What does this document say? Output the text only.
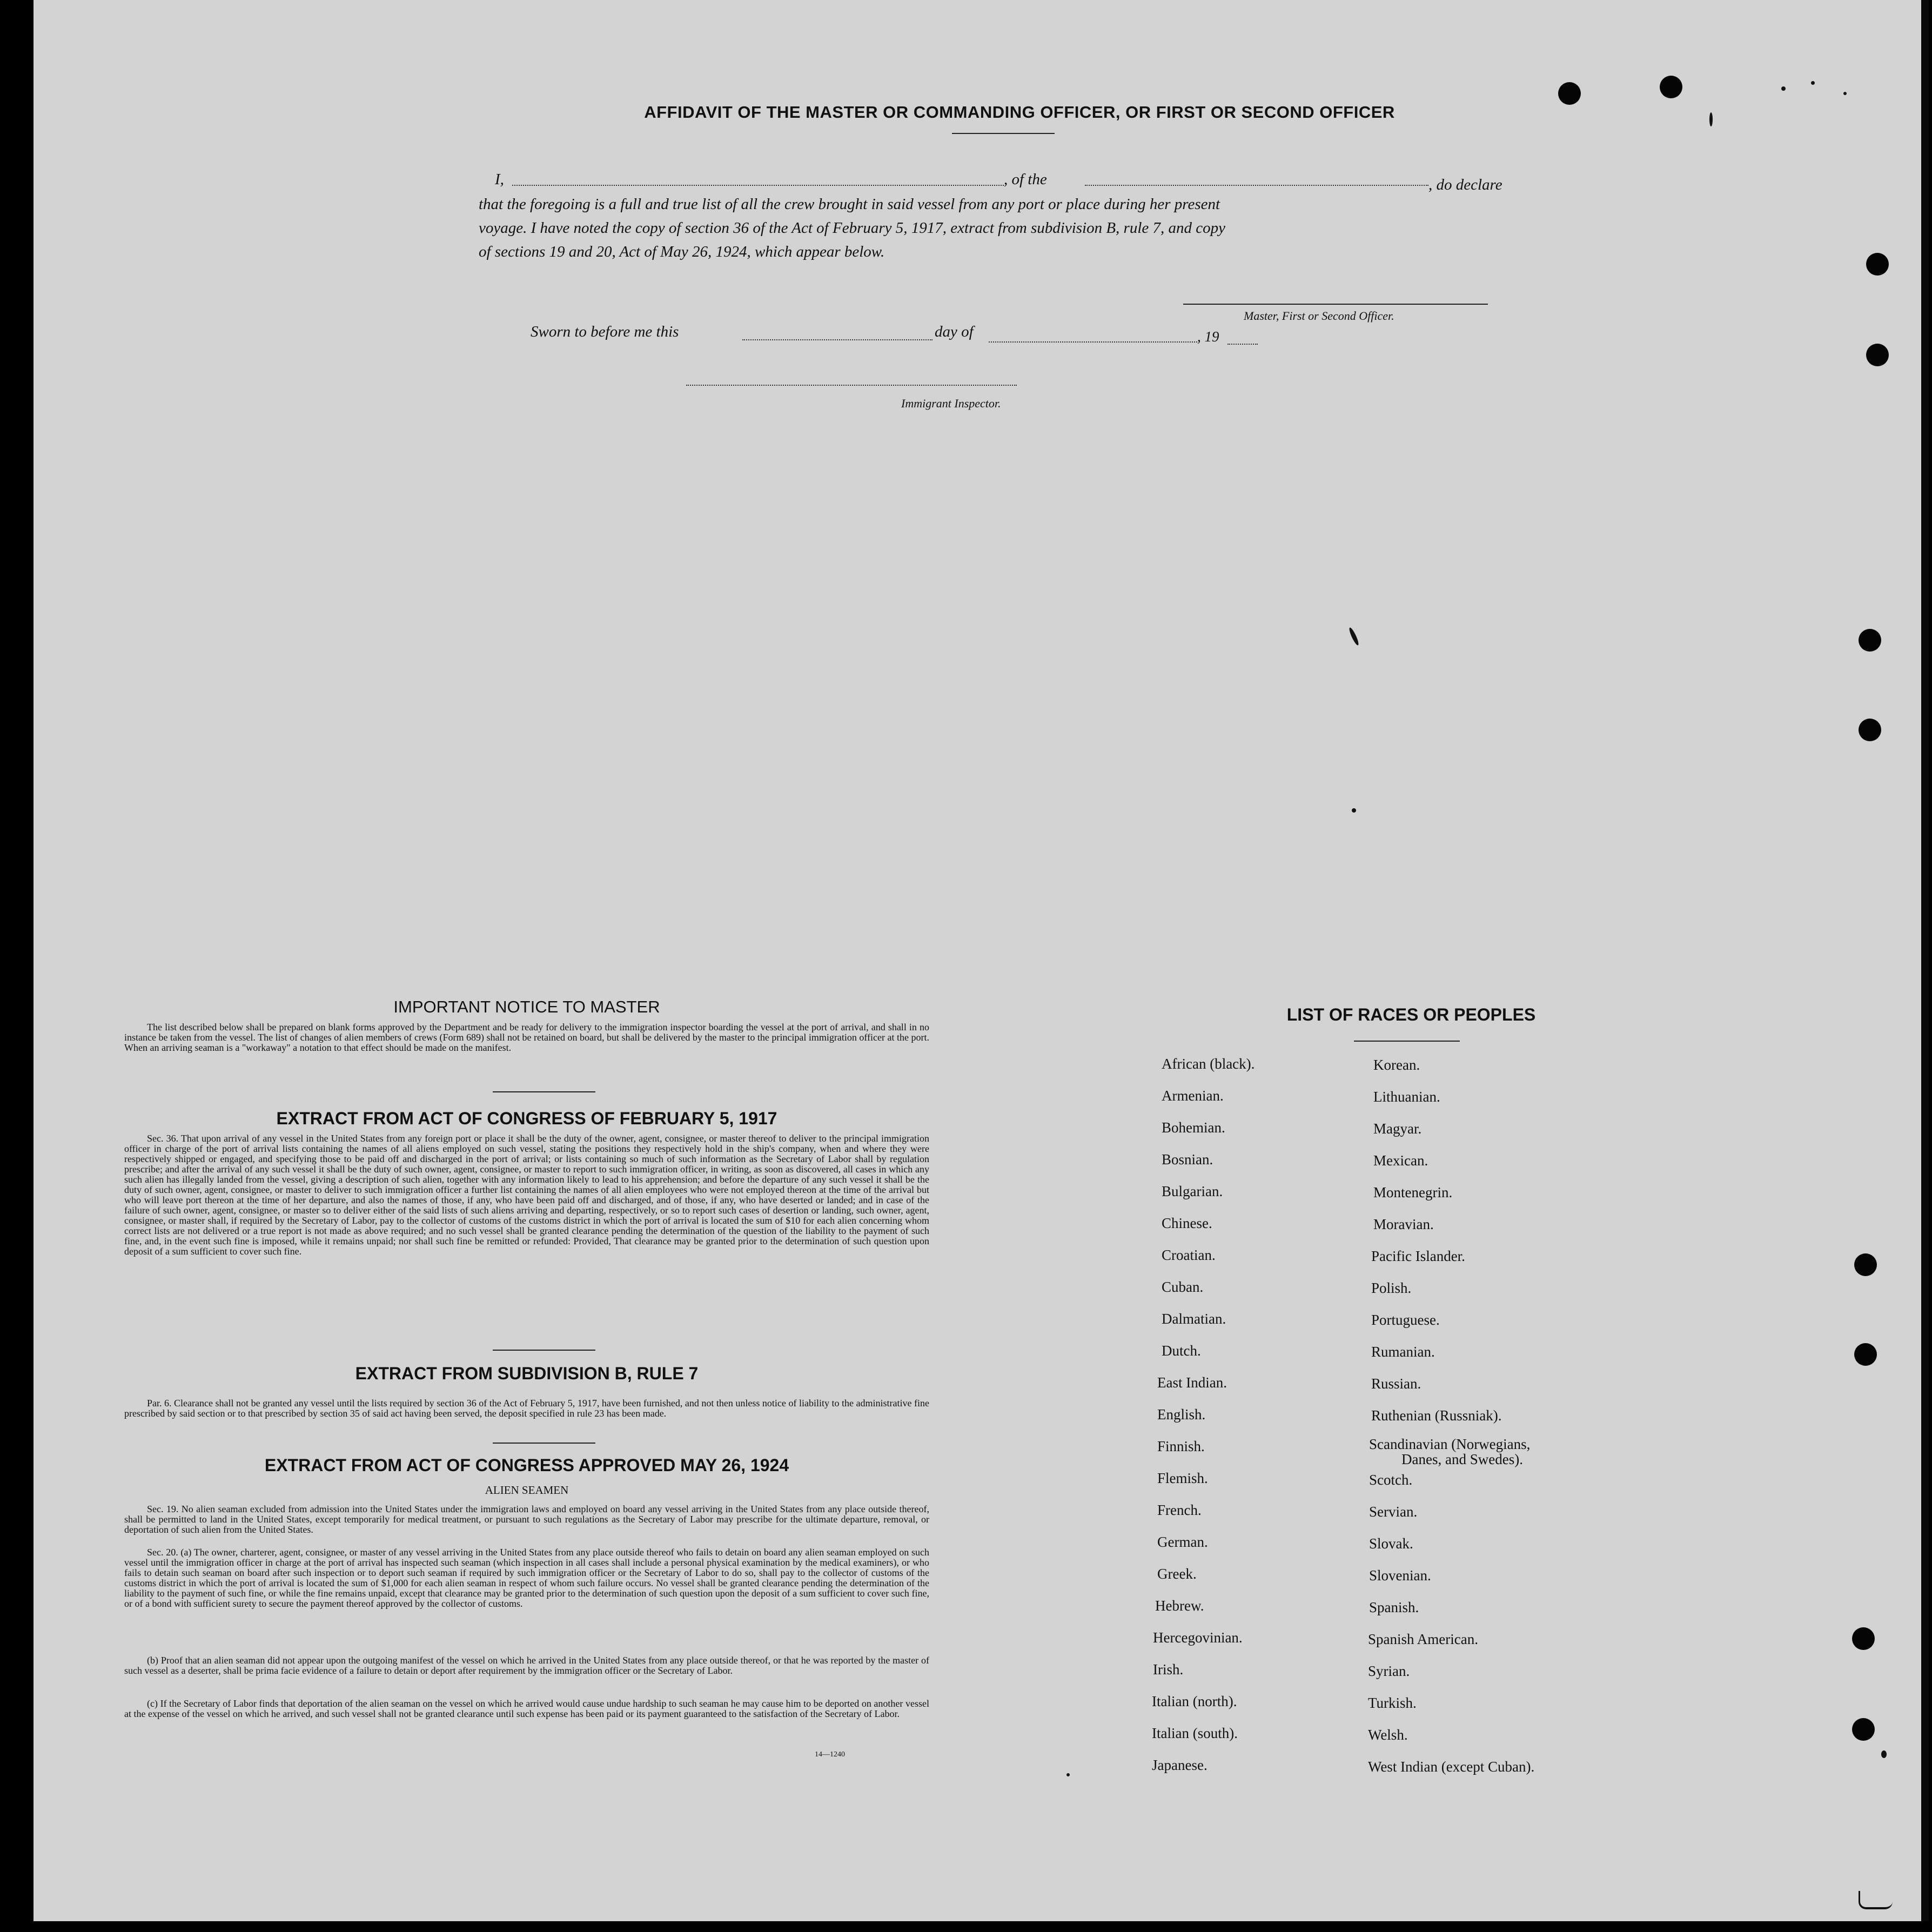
AFFIDAVIT OF THE MASTER OR COMMANDING OFFICER, OR FIRST OR SECOND OFFICER
I,	, of the	, do declare
that the foregoing is a full and true list of all the crew brought in said vessel from any port or place during her present
voyage. I have noted the copy of section 36 of the Act of February 5, 1917, extract from subdivision B, rule 7, and copy
of sections 19 and 20, Act of May 26, 1924, which appear below.
Master, First or Second Officer.
Sworn to before me this	day of	, 19
Immigrant Inspector.
IMPORTANT NOTICE TO MASTER
The list described below shall be prepared on blank forms approved by the Department and be ready for delivery to the immigration inspector boarding the vessel at the port of arrival, and shall in no instance be taken from the vessel. The list of changes of alien members of crews (Form 689) shall not be retained on board, but shall be delivered by the master to the principal immigration officer at the port. When an arriving seaman is a "workaway" a notation to that effect should be made on the manifest.
EXTRACT FROM ACT OF CONGRESS OF FEBRUARY 5, 1917
Sec. 36. That upon arrival of any vessel in the United States from any foreign port or place it shall be the duty of the owner, agent, consignee, or master thereof to deliver to the principal immigration officer in charge of the port of arrival lists containing the names of all aliens employed on such vessel, stating the positions they respectively hold in the ship's company, when and where they were respectively shipped or engaged, and specifying those to be paid off and discharged in the port of arrival; or lists containing so much of such information as the Secretary of Labor shall by regulation prescribe; and after the arrival of any such vessel it shall be the duty of such owner, agent, consignee, or master to report to such immigration officer, in writing, as soon as discovered, all cases in which any such alien has illegally landed from the vessel, giving a description of such alien, together with any information likely to lead to his apprehension; and before the departure of any such vessel it shall be the duty of such owner, agent, consignee, or master to deliver to such immigration officer a further list containing the names of all alien employees who were not employed thereon at the time of the arrival but who will leave port thereon at the time of her departure, and also the names of those, if any, who have been paid off and discharged, and of those, if any, who have deserted or landed; and in case of the failure of such owner, agent, consignee, or master so to deliver either of the said lists of such aliens arriving and departing, respectively, or so to report such cases of desertion or landing, such owner, agent, consignee, or master shall, if required by the Secretary of Labor, pay to the collector of customs of the customs district in which the port of arrival is located the sum of $10 for each alien concerning whom correct lists are not delivered or a true report is not made as above required; and no such vessel shall be granted clearance pending the determination of the question of the liability to the payment of such fine, and, in the event such fine is imposed, while it remains unpaid; nor shall such fine be remitted or refunded: Provided, That clearance may be granted prior to the determination of such question upon deposit of a sum sufficient to cover such fine.
EXTRACT FROM SUBDIVISION B, RULE 7
Par. 6. Clearance shall not be granted any vessel until the lists required by section 36 of the Act of February 5, 1917, have been furnished, and not then unless notice of liability to the administrative fine prescribed by said section or to that prescribed by section 35 of said act having been served, the deposit specified in rule 23 has been made.
EXTRACT FROM ACT OF CONGRESS APPROVED MAY 26, 1924
ALIEN SEAMEN
Sec. 19. No alien seaman excluded from admission into the United States under the immigration laws and employed on board any vessel arriving in the United States from any place outside thereof, shall be permitted to land in the United States, except temporarily for medical treatment, or pursuant to such regulations as the Secretary of Labor may prescribe for the ultimate departure, removal, or deportation of such alien from the United States.
Sec. 20. (a) The owner, charterer, agent, consignee, or master of any vessel arriving in the United States from any place outside thereof who fails to detain on board any alien seaman employed on such vessel until the immigration officer in charge at the port of arrival has inspected such seaman (which inspection in all cases shall include a personal physical examination by the medical examiners), or who fails to detain such seaman on board after such inspection or to deport such seaman if required by such immigration officer or the Secretary of Labor to do so, shall pay to the collector of customs of the customs district in which the port of arrival is located the sum of $1,000 for each alien seaman in respect of whom such failure occurs. No vessel shall be granted clearance pending the determination of the liability to the payment of such fine, or while the fine remains unpaid, except that clearance may be granted prior to the determination of such question upon the deposit of a sum sufficient to cover such fine, or of a bond with sufficient surety to secure the payment thereof approved by the collector of customs.
(b) Proof that an alien seaman did not appear upon the outgoing manifest of the vessel on which he arrived in the United States from any place outside thereof, or that he was reported by the master of such vessel as a deserter, shall be prima facie evidence of a failure to detain or deport after requirement by the immigration officer or the Secretary of Labor.
(c) If the Secretary of Labor finds that deportation of the alien seaman on the vessel on which he arrived would cause undue hardship to such seaman he may cause him to be deported on another vessel at the expense of the vessel on which he arrived, and such vessel shall not be granted clearance until such expense has been paid or its payment guaranteed to the satisfaction of the Secretary of Labor.
14—1240
LIST OF RACES OR PEOPLES
African (black).
Armenian.
Bohemian.
Bosnian.
Bulgarian.
Chinese.
Croatian.
Cuban.
Dalmatian.
Dutch.
East Indian.
English.
Finnish.
Flemish.
French.
German.
Greek.
Hebrew.
Hercegovinian.
Irish.
Italian (north).
Italian (south).
Japanese.
Korean.
Lithuanian.
Magyar.
Mexican.
Montenegrin.
Moravian.
Pacific Islander.
Polish.
Portuguese.
Rumanian.
Russian.
Ruthenian (Russniak).
Scandinavian (Norwegians,
Danes, and Swedes).
Scotch.
Servian.
Slovak.
Slovenian.
Spanish.
Spanish American.
Syrian.
Turkish.
Welsh.
West Indian (except Cuban).
